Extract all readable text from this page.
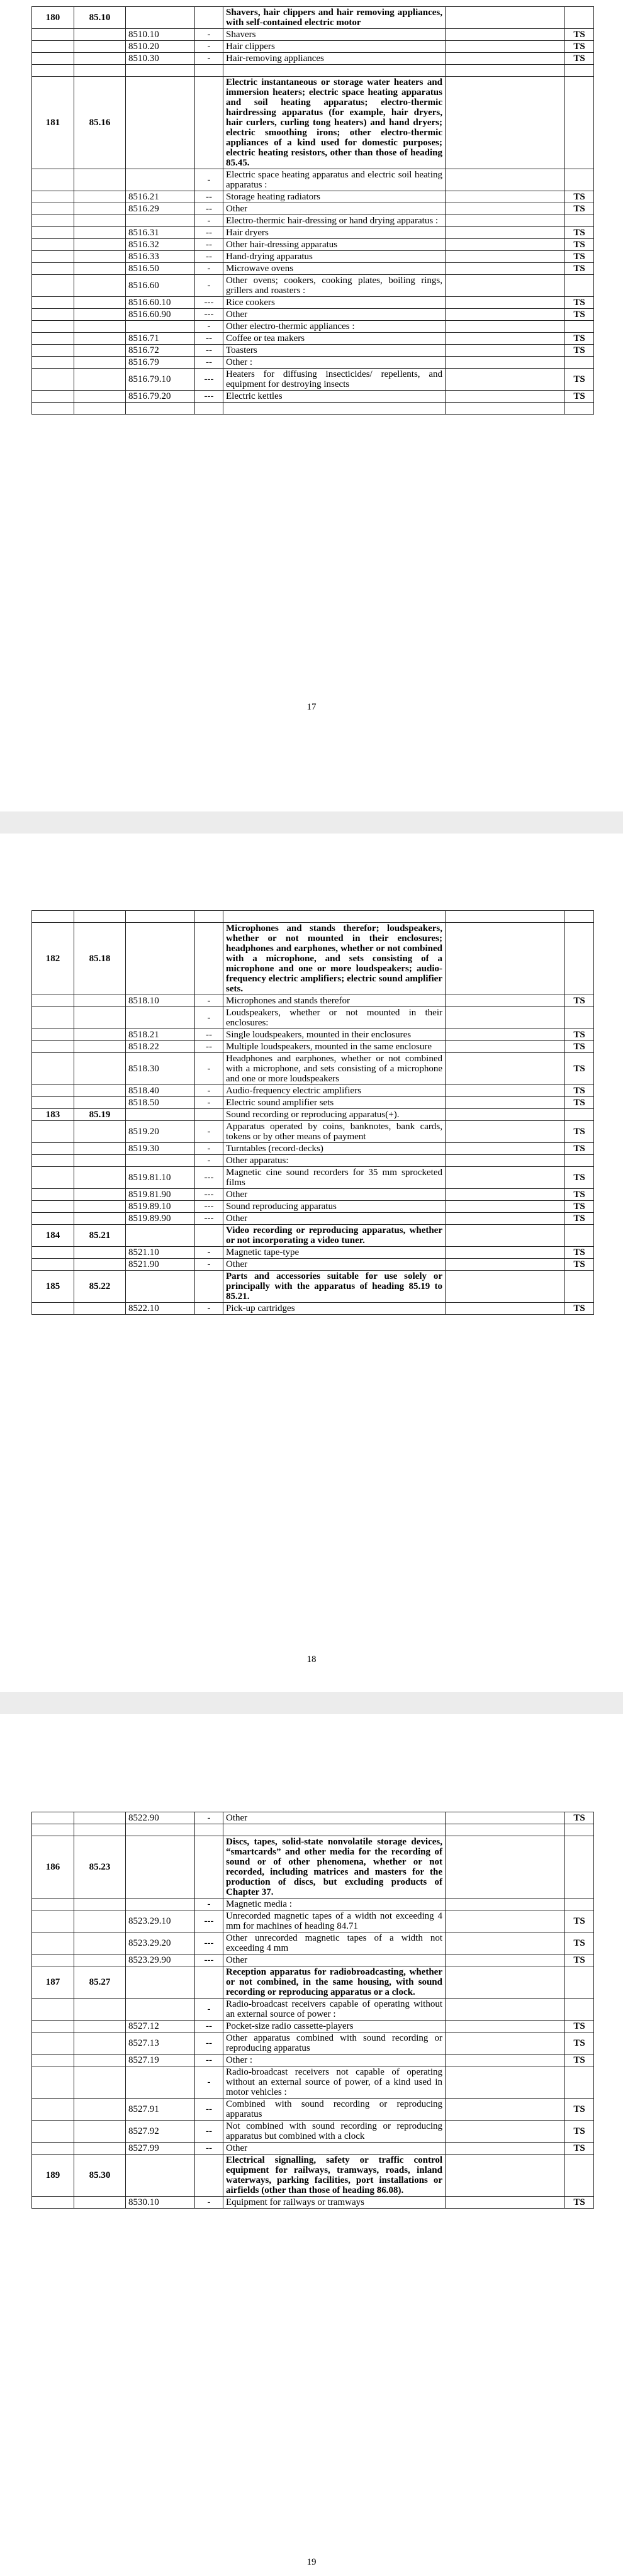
180	85.10			Shavers, hair clippers and hair removing appliances, with self-contained electric motor		
		8510.10	-	Shavers		TS
		8510.20	-	Hair clippers		TS
		8510.30	-	Hair-removing appliances		TS

181	85.16			Electric instantaneous or storage water heaters and immersion heaters; electric space heating apparatus and soil heating apparatus; electro-thermic hairdressing apparatus (for example, hair dryers, hair curlers, curling tong heaters) and hand dryers; electric smoothing irons; other electro-thermic appliances of a kind used for domestic purposes; electric heating resistors, other than those of heading 85.45.		
			-	Electric space heating apparatus and electric soil heating apparatus :		
		8516.21	--	Storage heating radiators		TS
		8516.29	--	Other		TS
			-	Electro-thermic hair-dressing or hand drying apparatus :		
		8516.31	--	Hair dryers		TS
		8516.32	--	Other hair-dressing apparatus		TS
		8516.33	--	Hand-drying apparatus		TS
		8516.50	-	Microwave ovens		TS
		8516.60	-	Other ovens; cookers, cooking plates, boiling rings, grillers and roasters :		
		8516.60.10	---	Rice cookers		TS
		8516.60.90	---	Other		TS
			-	Other electro-thermic appliances :		
		8516.71	--	Coffee or tea makers		TS
		8516.72	--	Toasters		TS
		8516.79	--	Other :		
		8516.79.10	---	Heaters for diffusing insecticides/ repellents, and equipment for destroying insects		TS
		8516.79.20	---	Electric kettles		TS

17

182	85.18			Microphones and stands therefor; loudspeakers, whether or not mounted in their enclosures; headphones and earphones, whether or not combined with a microphone, and sets consisting of a microphone and one or more loudspeakers; audio-frequency electric amplifiers; electric sound amplifier sets.		
		8518.10	-	Microphones and stands therefor		TS
			-	Loudspeakers, whether or not mounted in their enclosures:		
		8518.21	--	Single loudspeakers, mounted in their enclosures		TS
		8518.22	--	Multiple loudspeakers, mounted in the same enclosure		TS
		8518.30	-	Headphones and earphones, whether or not combined with a microphone, and sets consisting of a microphone and one or more loudspeakers		TS
		8518.40	-	Audio-frequency electric amplifiers		TS
		8518.50	-	Electric sound amplifier sets		TS
183	85.19			Sound recording or reproducing apparatus(+).		
		8519.20	-	Apparatus operated by coins, banknotes, bank cards, tokens or by other means of payment		TS
		8519.30	-	Turntables (record-decks)		TS
			-	Other apparatus:		
		8519.81.10	---	Magnetic cine sound recorders for 35 mm sprocketed films		TS
		8519.81.90	---	Other		TS
		8519.89.10	---	Sound reproducing apparatus		TS
		8519.89.90	---	Other		TS
184	85.21			Video recording or reproducing apparatus, whether or not incorporating a video tuner.		
		8521.10	-	Magnetic tape-type		TS
		8521.90	-	Other		TS
185	85.22			Parts and accessories suitable for use solely or principally with the apparatus of heading 85.19 to 85.21.		
		8522.10	-	Pick-up cartridges		TS
18
		8522.90	-	Other		TS

186	85.23			Discs, tapes, solid-state nonvolatile storage devices, “smartcards” and other media for the recording of sound or of other phenomena, whether or not recorded, including matrices and masters for the production of discs, but excluding products of Chapter 37.		
			-	Magnetic media :		
		8523.29.10	---	Unrecorded magnetic tapes of a width not exceeding 4 mm for machines of heading 84.71		TS
		8523.29.20	---	Other unrecorded magnetic tapes of a width not exceeding 4 mm		TS
		8523.29.90	---	Other		TS
187	85.27			Reception apparatus for radiobroadcasting, whether or not combined, in the same housing, with sound recording or reproducing apparatus or a clock.		
			-	Radio-broadcast receivers capable of operating without an external source of power :		
		8527.12	--	Pocket-size radio cassette-players		TS
		8527.13	--	Other apparatus combined with sound recording or reproducing apparatus		TS
		8527.19	--	Other :		TS
			-	Radio-broadcast receivers not capable of operating without an external source of power, of a kind used in motor vehicles :		
		8527.91	--	Combined with sound recording or reproducing apparatus		TS
		8527.92	--	Not combined with sound recording or reproducing apparatus but combined with a clock		TS
		8527.99	--	Other		TS
189	85.30			Electrical signalling, safety or traffic control equipment for railways, tramways, roads, inland waterways, parking facilities, port installations or airfields (other than those of heading 86.08).		
		8530.10	-	Equipment for railways or tramways		TS
19
